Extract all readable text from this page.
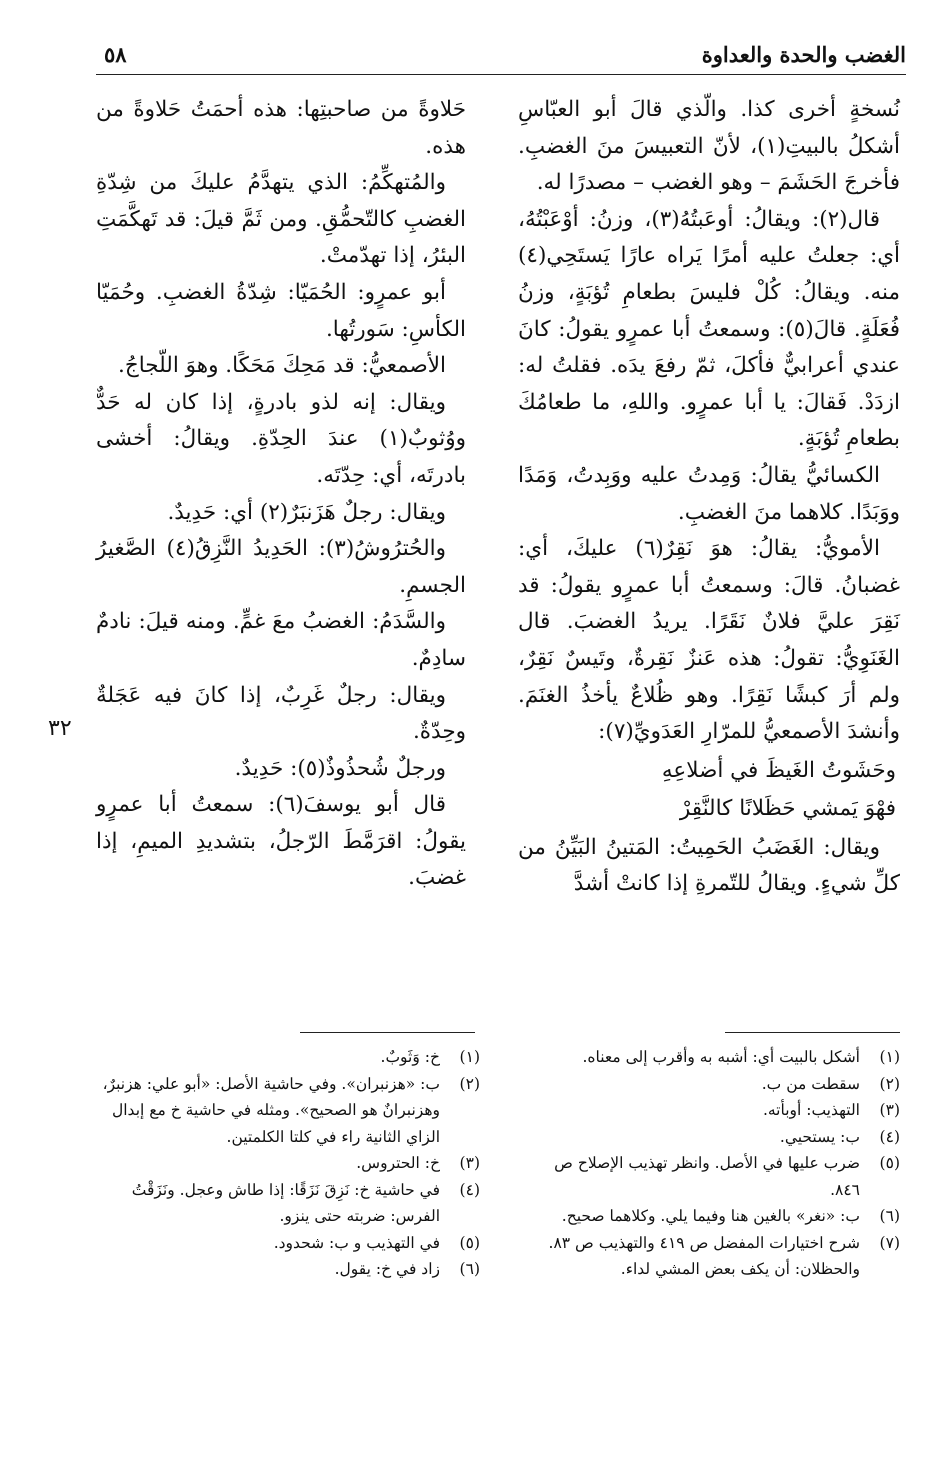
الغضب والحدة والعداوة
٥٨

نُسخةٍ أخرى كذا. والّذي قالَ أبو العبّاسِ أشكلُ بالبيتِ(١)، لأنّ التعبيسَ منَ الغضبِ. فأخرجَ الحَشَمَ – وهو الغضب – مصدرًا له.

قال(٢): ويقالُ: أوعَبتُهُ(٣)، وزنُ: أوْعَبْتُهُ، أي: جعلتُ عليه أمرًا يَراه عارًا يَستَحِي(٤) منه. ويقالُ: كُلْ فليسَ بطعامِ تُؤبَةٍ، وزنُ فُعَلَةٍ. قالَ(٥): وسمعتُ أبا عمرٍو يقولُ: كانَ عندي أعرابيٌّ فأكلَ، ثمّ رفعَ يدَه. فقلتُ له: ازدَدْ. فَقالَ: يا أبا عمرٍو. واللهِ، ما طعامُكَ بطعامِ تُؤبَةٍ.

الكسائيُّ يقالُ: وَمِدتُ عليه ووَبِدتُ، وَمَدًا ووَبَدًا. كلاهما منَ الغضبِ.

الأمويُّ: يقالُ: هوَ نَقِرٌ(٦) عليكَ، أي: غضبانُ. قالَ: وسمعتُ أبا عمرٍو يقولُ: قد نَقِرَ عليَّ فلانٌ نَقَرًا. يريدُ الغضبَ. قال الغَنَوِيُّ: تقولُ: هذه عَنزٌ نَقِرةٌ، وتَيسٌ نَقِرٌ، ولم أرَ كبشًا نَقِرًا. وهو ظُلاعٌ يأخذُ الغنَمَ. وأنشدَ الأصمعيُّ للمرّارِ العَدَويِّ(٧):

وحَشَوتُ الغَيظَ في أضلاعِهِ

فهْوَ يَمشي حَظَلانًا كالنَّقِرْ

ويقال: الغَضَبُ الحَمِيتُ: المَتينُ البَيِّنُ من كلِّ شيءٍ. ويقالُ للتّمرةِ إذا كانتْ أشدَّ

حَلاوةً من صاحبتِها: هذه أحمَتُ حَلاوةً من هذه.

والمُتهكِّمُ: الذي يتهدَّمُ عليكَ من شِدّةِ الغضبِ كالتّحمُّقِ. ومن ثَمَّ قيلَ: قد تَهكَّمَتِ البئرُ، إذا تهدّمتْ.

أبو عمرٍو: الحُمَيّا: شِدّةُ الغضبِ. وحُمَيّا الكأسِ: سَورتُها.

الأصمعيُّ: قد مَحِكَ مَحَكًا. وهوَ اللّجاجُ.

ويقال: إنه لذو بادرةٍ، إذا كان له حَدٌّ ووُثوبٌ(١) عندَ الحِدّةِ. ويقالُ: أخشى بادرتَه، أي: حِدّتَه.

ويقال: رجلٌ هَزَنبَرٌ(٢) أي: حَدِيدٌ.

والحُترُوشُ(٣): الحَدِيدُ النَّزِقُ(٤) الصَّغيرُ الجسمِ.

والسَّدَمُ: الغضبُ معَ غمٍّ. ومنه قيلَ: نادمٌ سادِمٌ.

ويقال: رجلٌ غَرِبٌ، إذا كانَ فيه عَجَلةٌ وحِدّةٌ.

ورجلٌ شُحذُوذٌ(٥): حَدِيدٌ.

قال أبو يوسفَ(٦): سمعتُ أبا عمرٍو يقولُ: اقرَمَّطَ الرّجلُ، بتشديدِ الميمِ، إذا غضبَ.

٣٢
(١)
أشكل بالبيت أي: أشبه به وأقرب إلى معناه.
(٢)
سقطت من ب.
(٣)
التهذيب: أوبأته.
(٤)
ب: يستحيي.
(٥)
ضرب عليها في الأصل. وانظر تهذيب الإصلاح ص ٨٤٦.
(٦)
ب: «نغر» بالغين هنا وفيما يلي. وكلاهما صحيح.
(٧)
شرح اختيارات المفضل ص ٤١٩ والتهذيب ص ٨٣. والحظلان: أن يكف بعض المشي لداء.
(١)
خ: وَثَوبٌ.
(٢)
ب: «هزنبران». وفي حاشية الأصل: «أبو علي: هزنبرٌ، وهزنبرانٌ هو الصحيح». ومثله في حاشية خ مع إبدال الزاي الثانية راء في كلتا الكلمتين.
(٣)
خ: الحتروس.
(٤)
في حاشية خ: نَزِقَ نَزَقًا: إذا طاش وعجل. ونَزَقْتُ الفرس: ضربته حتى ينزو.
(٥)
في التهذيب و ب: شحدود.
(٦)
زاد في خ: يقول.
